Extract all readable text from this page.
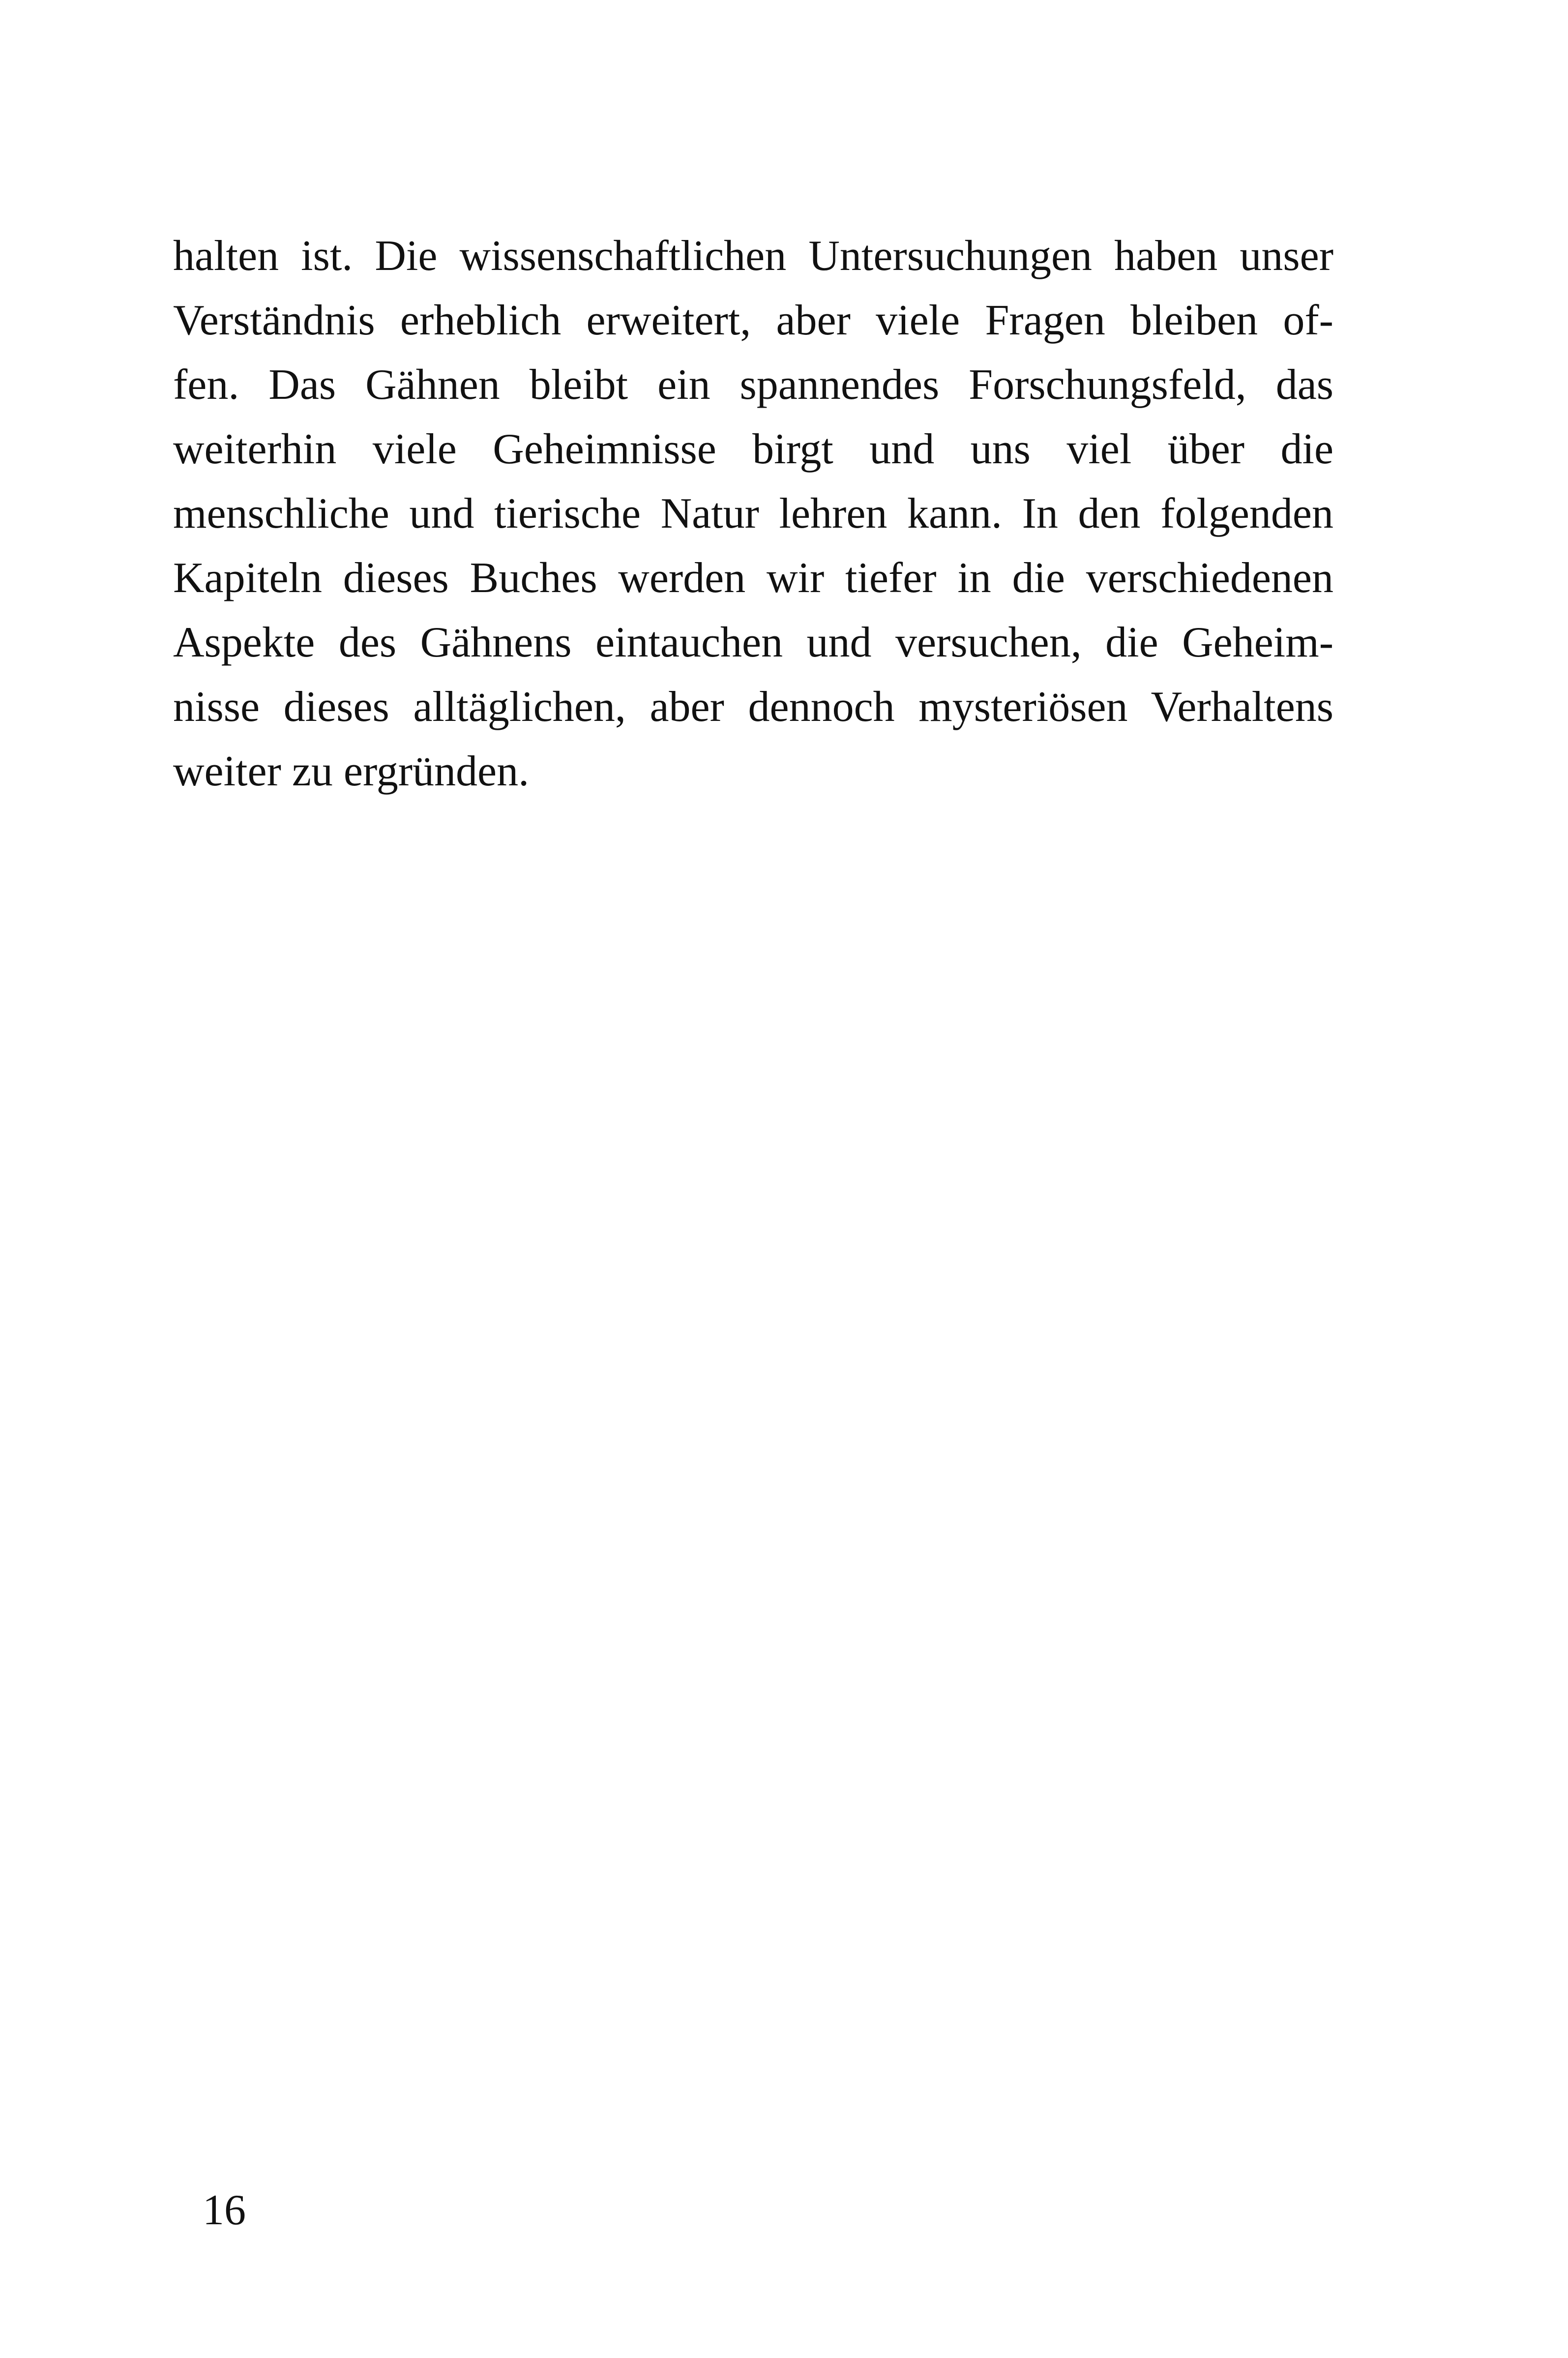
halten ist. Die wissenschaftlichen Untersuchungen haben unser
Verständnis erheblich erweitert, aber viele Fragen bleiben of-
fen. Das Gähnen bleibt ein spannendes Forschungsfeld, das
weiterhin viele Geheimnisse birgt und uns viel über die
menschliche und tierische Natur lehren kann. In den folgenden
Kapiteln dieses Buches werden wir tiefer in die verschiedenen
Aspekte des Gähnens eintauchen und versuchen, die Geheim-
nisse dieses alltäglichen, aber dennoch mysteriösen Verhaltens
weiter zu ergründen.
16
